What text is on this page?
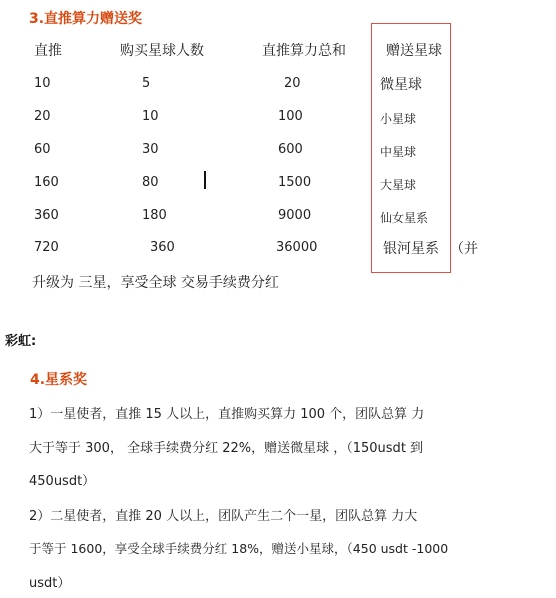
3.直推算力赠送奖
直推	购买星球人数	直推算力总和	赠送星球
10	5	20	微星球
20	10	100	小星球
60	30	600	中星球
160	80	1500	大星球
360	180	9000	仙女星系
720	360	36000	银河星系 （并
升级为 三星，享受全球 交易手续费分红
彩虹:
4.星系奖
1）一星使者，直推 15 人以上，直推购买算力 100 个，团队总算 力
大于等于 300， 全球手续费分红 22%，赠送微星球 ，（150usdt 到
450usdt）
2）二星使者，直推 20 人以上，团队产生二个一星，团队总算 力大
于等于 1600，享受全球手续费分红 18%，赠送小星球，（450 usdt -1000
usdt）
